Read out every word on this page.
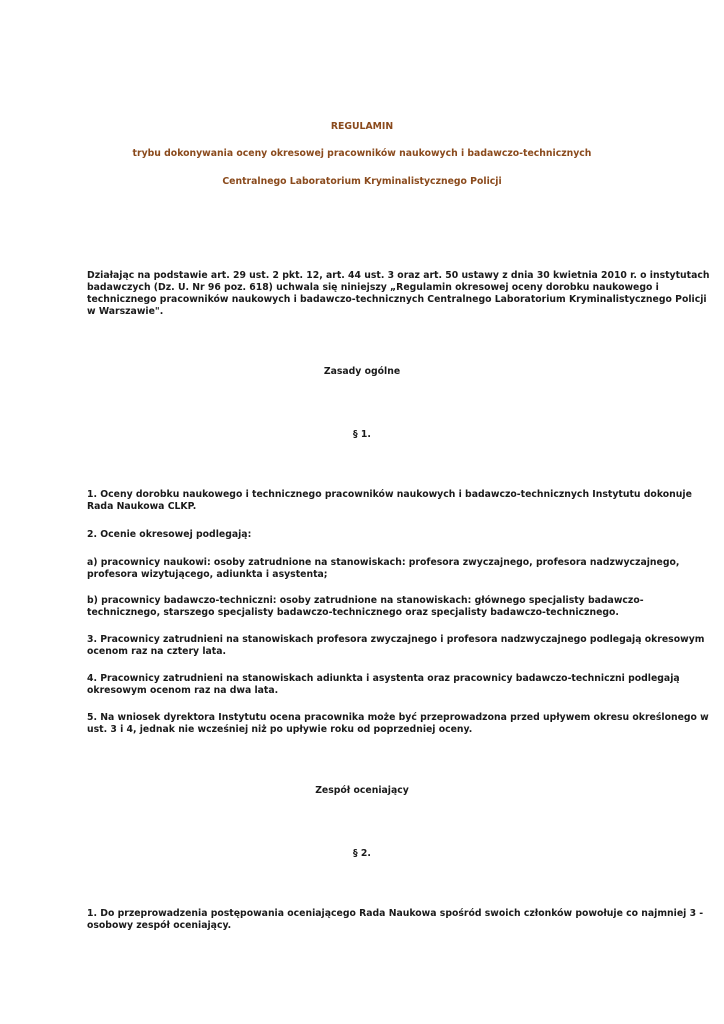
REGULAMIN
trybu dokonywania oceny okresowej pracowników naukowych i badawczo-technicznych
Centralnego Laboratorium Kryminalistycznego Policji
Działając na podstawie art. 29 ust. 2 pkt. 12, art. 44 ust. 3 oraz art. 50 ustawy z dnia 30 kwietnia 2010 r. o instytutach
badawczych (Dz. U. Nr 96 poz. 618) uchwala się niniejszy „Regulamin okresowej oceny dorobku naukowego i
technicznego pracowników naukowych i badawczo-technicznych Centralnego Laboratorium Kryminalistycznego Policji
w Warszawie".
Zasady ogólne
§ 1.
1. Oceny dorobku naukowego i technicznego pracowników naukowych i badawczo-technicznych Instytutu dokonuje
Rada Naukowa CLKP.
2. Ocenie okresowej podlegają:
a) pracownicy naukowi: osoby zatrudnione na stanowiskach: profesora zwyczajnego, profesora nadzwyczajnego,
profesora wizytującego, adiunkta i asystenta;
b) pracownicy badawczo-techniczni: osoby zatrudnione na stanowiskach: głównego specjalisty badawczo-
technicznego, starszego specjalisty badawczo-technicznego oraz specjalisty badawczo-technicznego.
3. Pracownicy zatrudnieni na stanowiskach profesora zwyczajnego i profesora nadzwyczajnego podlegają okresowym
ocenom raz na cztery lata.
4. Pracownicy zatrudnieni na stanowiskach adiunkta i asystenta oraz pracownicy badawczo-techniczni podlegają
okresowym ocenom raz na dwa lata.
5. Na wniosek dyrektora Instytutu ocena pracownika może być przeprowadzona przed upływem okresu określonego w
ust. 3 i 4, jednak nie wcześniej niż po upływie roku od poprzedniej oceny.
Zespół oceniający
§ 2.
1. Do przeprowadzenia postępowania oceniającego Rada Naukowa spośród swoich członków powołuje co najmniej 3 -
osobowy zespół oceniający.
